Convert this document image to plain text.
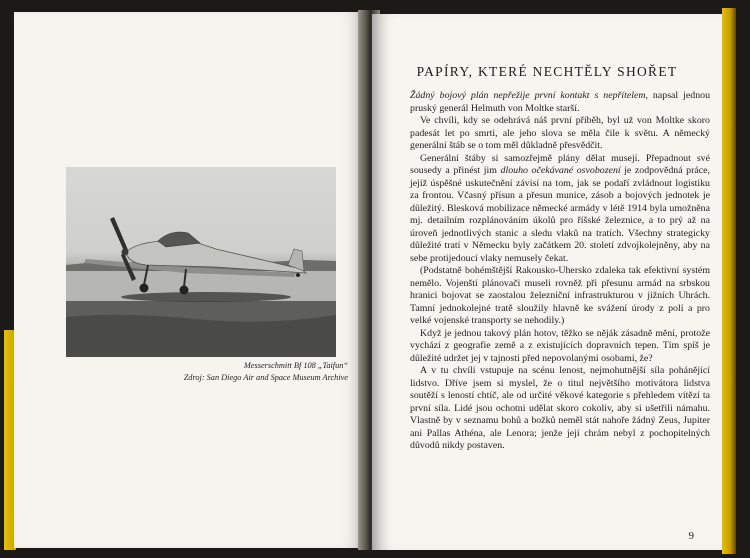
Messerschmitt Bf 108 „Taifun“
Zdroj: San Diego Air and Space Museum Archive
PAPÍRY, KTERÉ NECHTĚLY SHOŘET

Žádný bojový plán nepřežije první kontakt s nepřítelem, napsal jednou pruský generál Helmuth von Moltke starší.

Ve chvíli, kdy se odehrává náš první příběh, byl už von Moltke skoro padesát let po smrti, ale jeho slova se měla čile k světu. A německý generální štáb se o tom měl důkladně přesvědčit.

Generální štáby si samozřejmě plány dělat musejí. Přepadnout své sousedy a přinést jim dlouho očekávané osvobození je zodpovědná práce, jejíž úspěšné uskutečnění závisí na tom, jak se podaří zvládnout logistiku za frontou. Včasný přísun a přesun munice, zásob a bojových jednotek je důležitý. Blesková mobilizace německé armády v létě 1914 byla umožněna mj. detailním rozplánováním úkolů pro říšské železnice, a to prý až na úroveň jednotlivých stanic a sledu vlaků na tratích. Všechny strategicky důležité tratí v Německu byly začátkem 20. století zdvojkolejněny, aby na sebe protijedoucí vlaky nemusely čekat.

(Podstatně bohémštější Rakousko-Uhersko zdaleka tak efektivní systém nemělo. Vojenští plánovači museli rovněž při přesunu armád na srbskou hranici bojovat se zaostalou železniční infrastrukturou v jižních Uhrách. Tamní jednokolejné tratě sloužily hlavně ke svážení úrody z polí a pro velké vojenské transporty se nehodily.)

Když je jednou takový plán hotov, těžko se něják zásadně mění, protože vychází z geografie země a z existujících dopravních tepen. Tím spíš je důležité udržet jej v tajnosti před nepovolanými osobami, že?

A v tu chvíli vstupuje na scénu lenost, nejmohutnější síla pohánějící lidstvo. Dříve jsem si myslel, že o titul největšího motivátora lidstva soutěží s leností chtíč, ale od určité věkové kategorie s přehledem vítězí ta první síla. Lidé jsou ochotni udělat skoro cokoliv, aby si ušetřili námahu. Vlastně by v seznamu bohů a božků neměl stát nahoře žádný Zeus, Jupiter ani Pallas Athéna, ale Lenora; jenže její chrám nebyl z pochopitelných důvodů nikdy postaven.

9
